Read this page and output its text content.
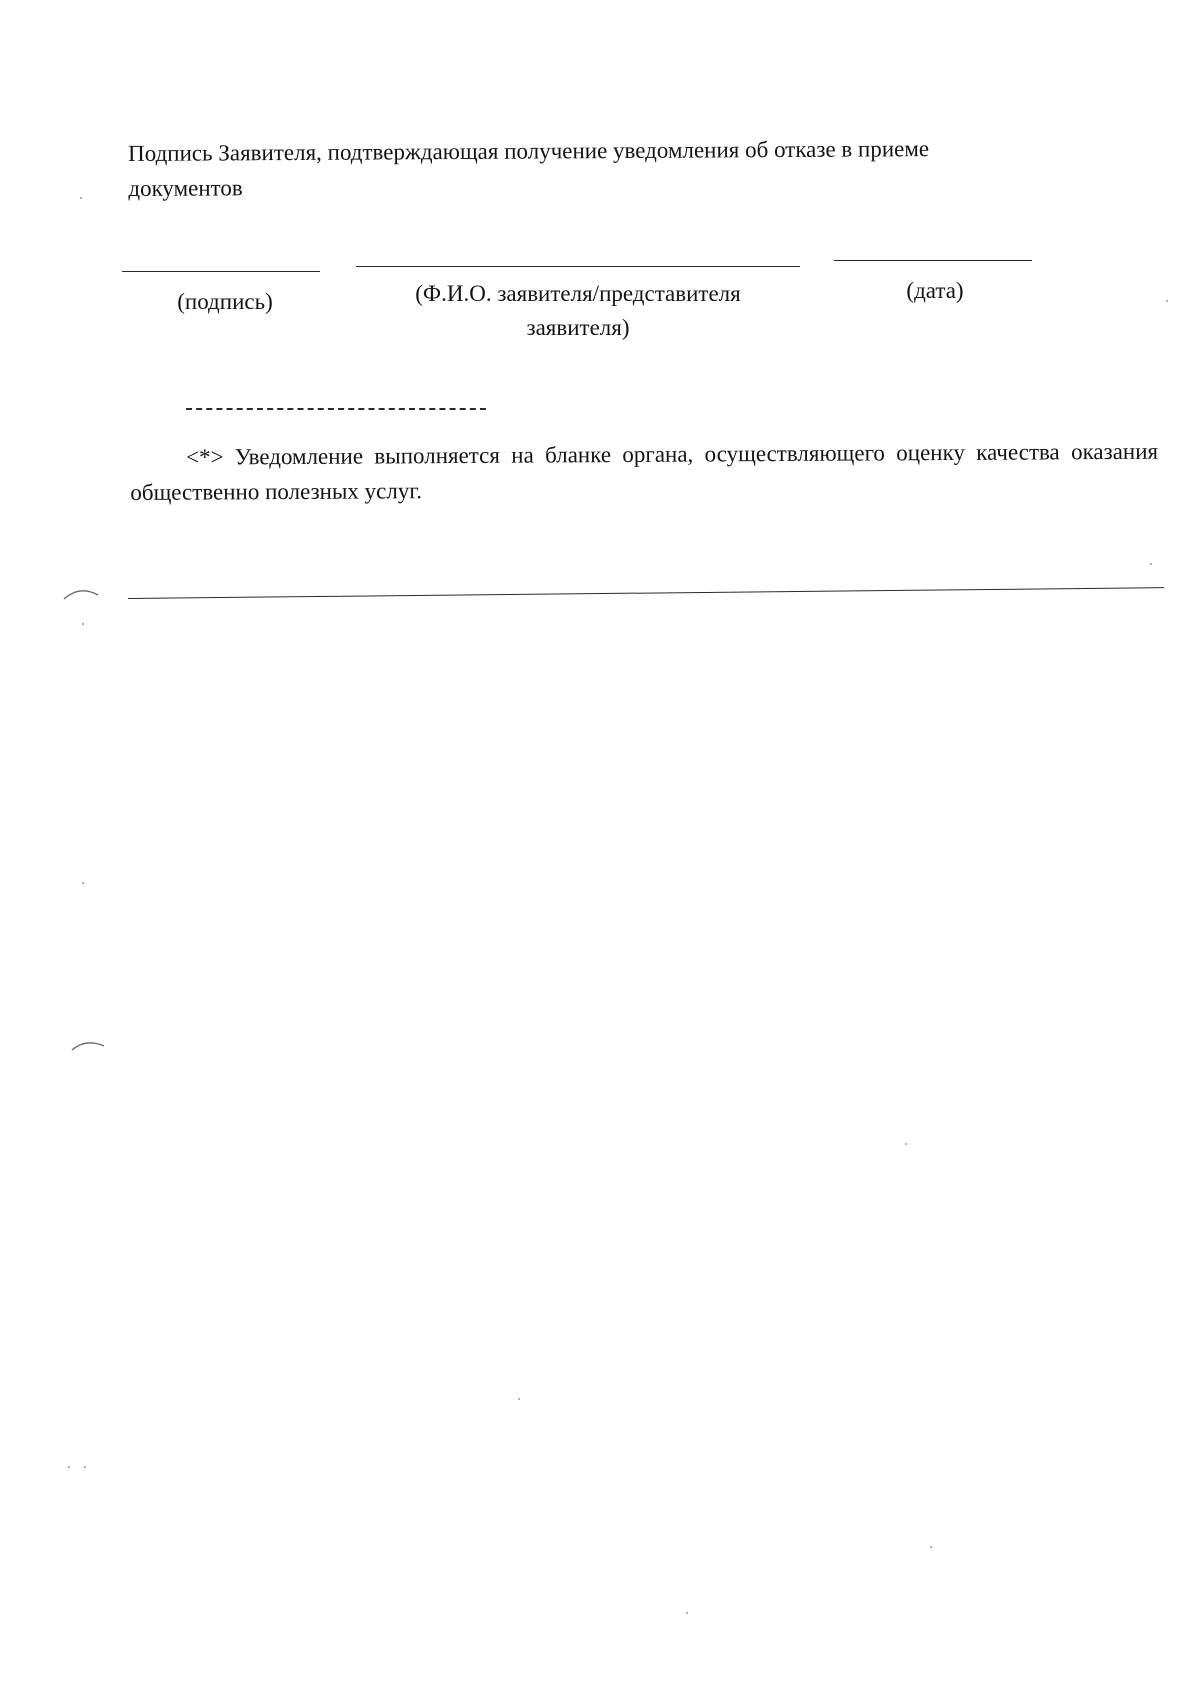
Подпись Заявителя, подтверждающая получение уведомления об отказе в приеме документов
(подпись)	(Ф.И.О. заявителя/представителя
заявителя)
(дата)
<*> Уведомление выполняется на бланке органа, осуществляющего оценку качества оказания общественно полезных услуг.
